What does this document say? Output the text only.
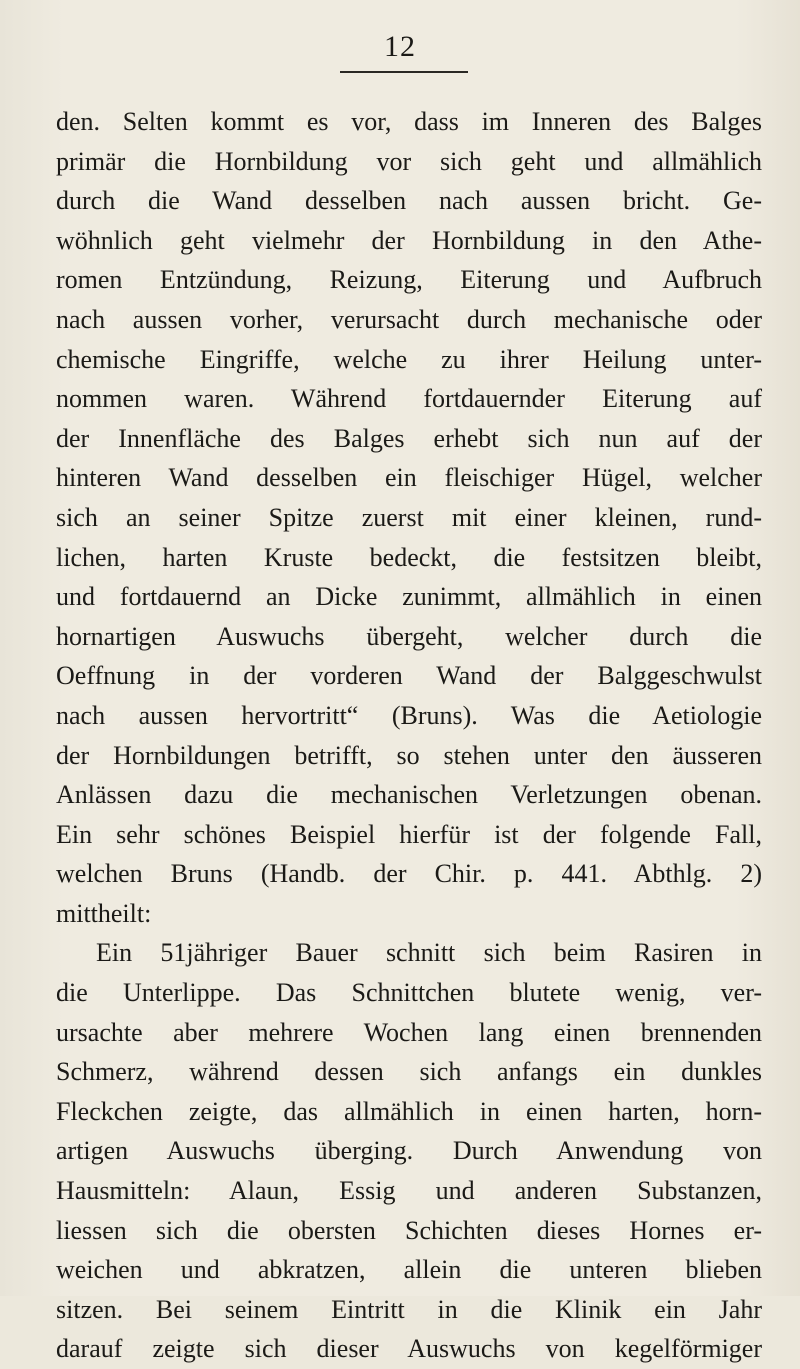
12
den. Selten kommt es vor, dass im Inneren des Balges
primär die Hornbildung vor sich geht und allmählich
durch die Wand desselben nach aussen bricht. Ge-
wöhnlich geht vielmehr der Hornbildung in den Athe-
romen Entzündung, Reizung, Eiterung und Aufbruch
nach aussen vorher, verursacht durch mechanische oder
chemische Eingriffe, welche zu ihrer Heilung unter-
nommen waren. Während fortdauernder Eiterung auf
der Innenfläche des Balges erhebt sich nun auf der
hinteren Wand desselben ein fleischiger Hügel, welcher
sich an seiner Spitze zuerst mit einer kleinen, rund-
lichen, harten Kruste bedeckt, die festsitzen bleibt,
und fortdauernd an Dicke zunimmt, allmählich in einen
hornartigen Auswuchs übergeht, welcher durch die
Oeffnung in der vorderen Wand der Balggeschwulst
nach aussen hervortritt“ (Bruns). Was die Aetiologie
der Hornbildungen betrifft, so stehen unter den äusseren
Anlässen dazu die mechanischen Verletzungen obenan.
Ein sehr schönes Beispiel hierfür ist der folgende Fall,
welchen Bruns (Handb. der Chir. p. 441. Abthlg. 2)
mittheilt:
Ein 51jähriger Bauer schnitt sich beim Rasiren in
die Unterlippe. Das Schnittchen blutete wenig, ver-
ursachte aber mehrere Wochen lang einen brennenden
Schmerz, während dessen sich anfangs ein dunkles
Fleckchen zeigte, das allmählich in einen harten, horn-
artigen Auswuchs überging. Durch Anwendung von
Hausmitteln: Alaun, Essig und anderen Substanzen,
liessen sich die obersten Schichten dieses Hornes er-
weichen und abkratzen, allein die unteren blieben
sitzen. Bei seinem Eintritt in die Klinik ein Jahr
darauf zeigte sich dieser Auswuchs von kegelförmiger
